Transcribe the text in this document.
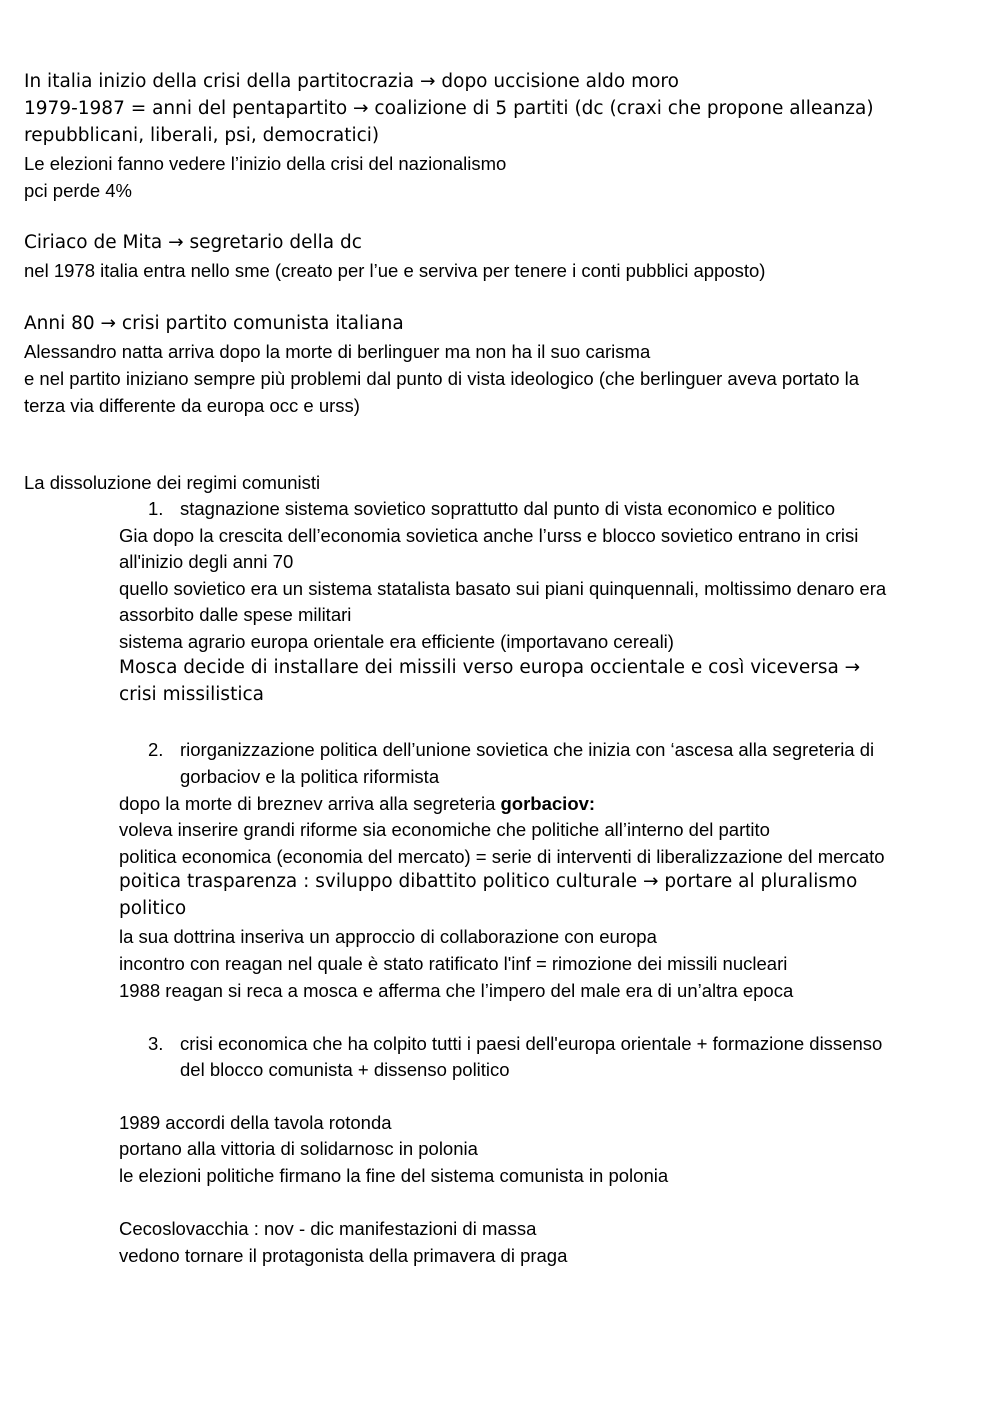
In italia inizio della crisi della partitocrazia → dopo uccisione aldo moro

1979-1987 = anni del pentapartito → coalizione di 5 partiti (dc (craxi che propone alleanza)

repubblicani, liberali, psi, democratici)

Le elezioni fanno vedere l’inizio della crisi del nazionalismo

pci perde 4%

Ciriaco de Mita → segretario della dc

nel 1978 italia entra nello sme (creato per l’ue e serviva per tenere i conti pubblici apposto)

Anni 80 → crisi partito comunista italiana

Alessandro natta arriva dopo la morte di berlinguer ma non ha il suo carisma

e nel partito iniziano sempre più problemi dal punto di vista ideologico (che berlinguer aveva portato la

terza via differente da europa occ e urss)

La dissoluzione dei regimi comunisti

1. stagnazione sistema sovietico soprattutto dal punto di vista economico e politico

Gia dopo la crescita dell’economia sovietica anche l’urss e blocco sovietico entrano in crisi

all'inizio degli anni 70

quello sovietico era un sistema statalista basato sui piani quinquennali, moltissimo denaro era

assorbito dalle spese militari

sistema agrario europa orientale era efficiente (importavano cereali)

Mosca decide di installare dei missili verso europa occientale e così viceversa →

crisi missilistica

2. riorganizzazione politica dell’unione sovietica che inizia con ‘ascesa alla segreteria di

gorbaciov e la politica riformista

dopo la morte di breznev arriva alla segreteria gorbaciov:

voleva inserire grandi riforme sia economiche che politiche all’interno del partito

politica economica (economia del mercato) = serie di interventi di liberalizzazione del mercato

poitica trasparenza : sviluppo dibattito politico culturale → portare al pluralismo

politico

la sua dottrina inseriva un approccio di collaborazione con europa

incontro con reagan nel quale è stato ratificato l'inf = rimozione dei missili nucleari

1988 reagan si reca a mosca e afferma che l’impero del male era di un’altra epoca

3. crisi economica che ha colpito tutti i paesi dell'europa orientale + formazione dissenso

del blocco comunista + dissenso politico

1989 accordi della tavola rotonda

portano alla vittoria di solidarnosc in polonia

le elezioni politiche firmano la fine del sistema comunista in polonia

Cecoslovacchia : nov - dic manifestazioni di massa

vedono tornare il protagonista della primavera di praga
